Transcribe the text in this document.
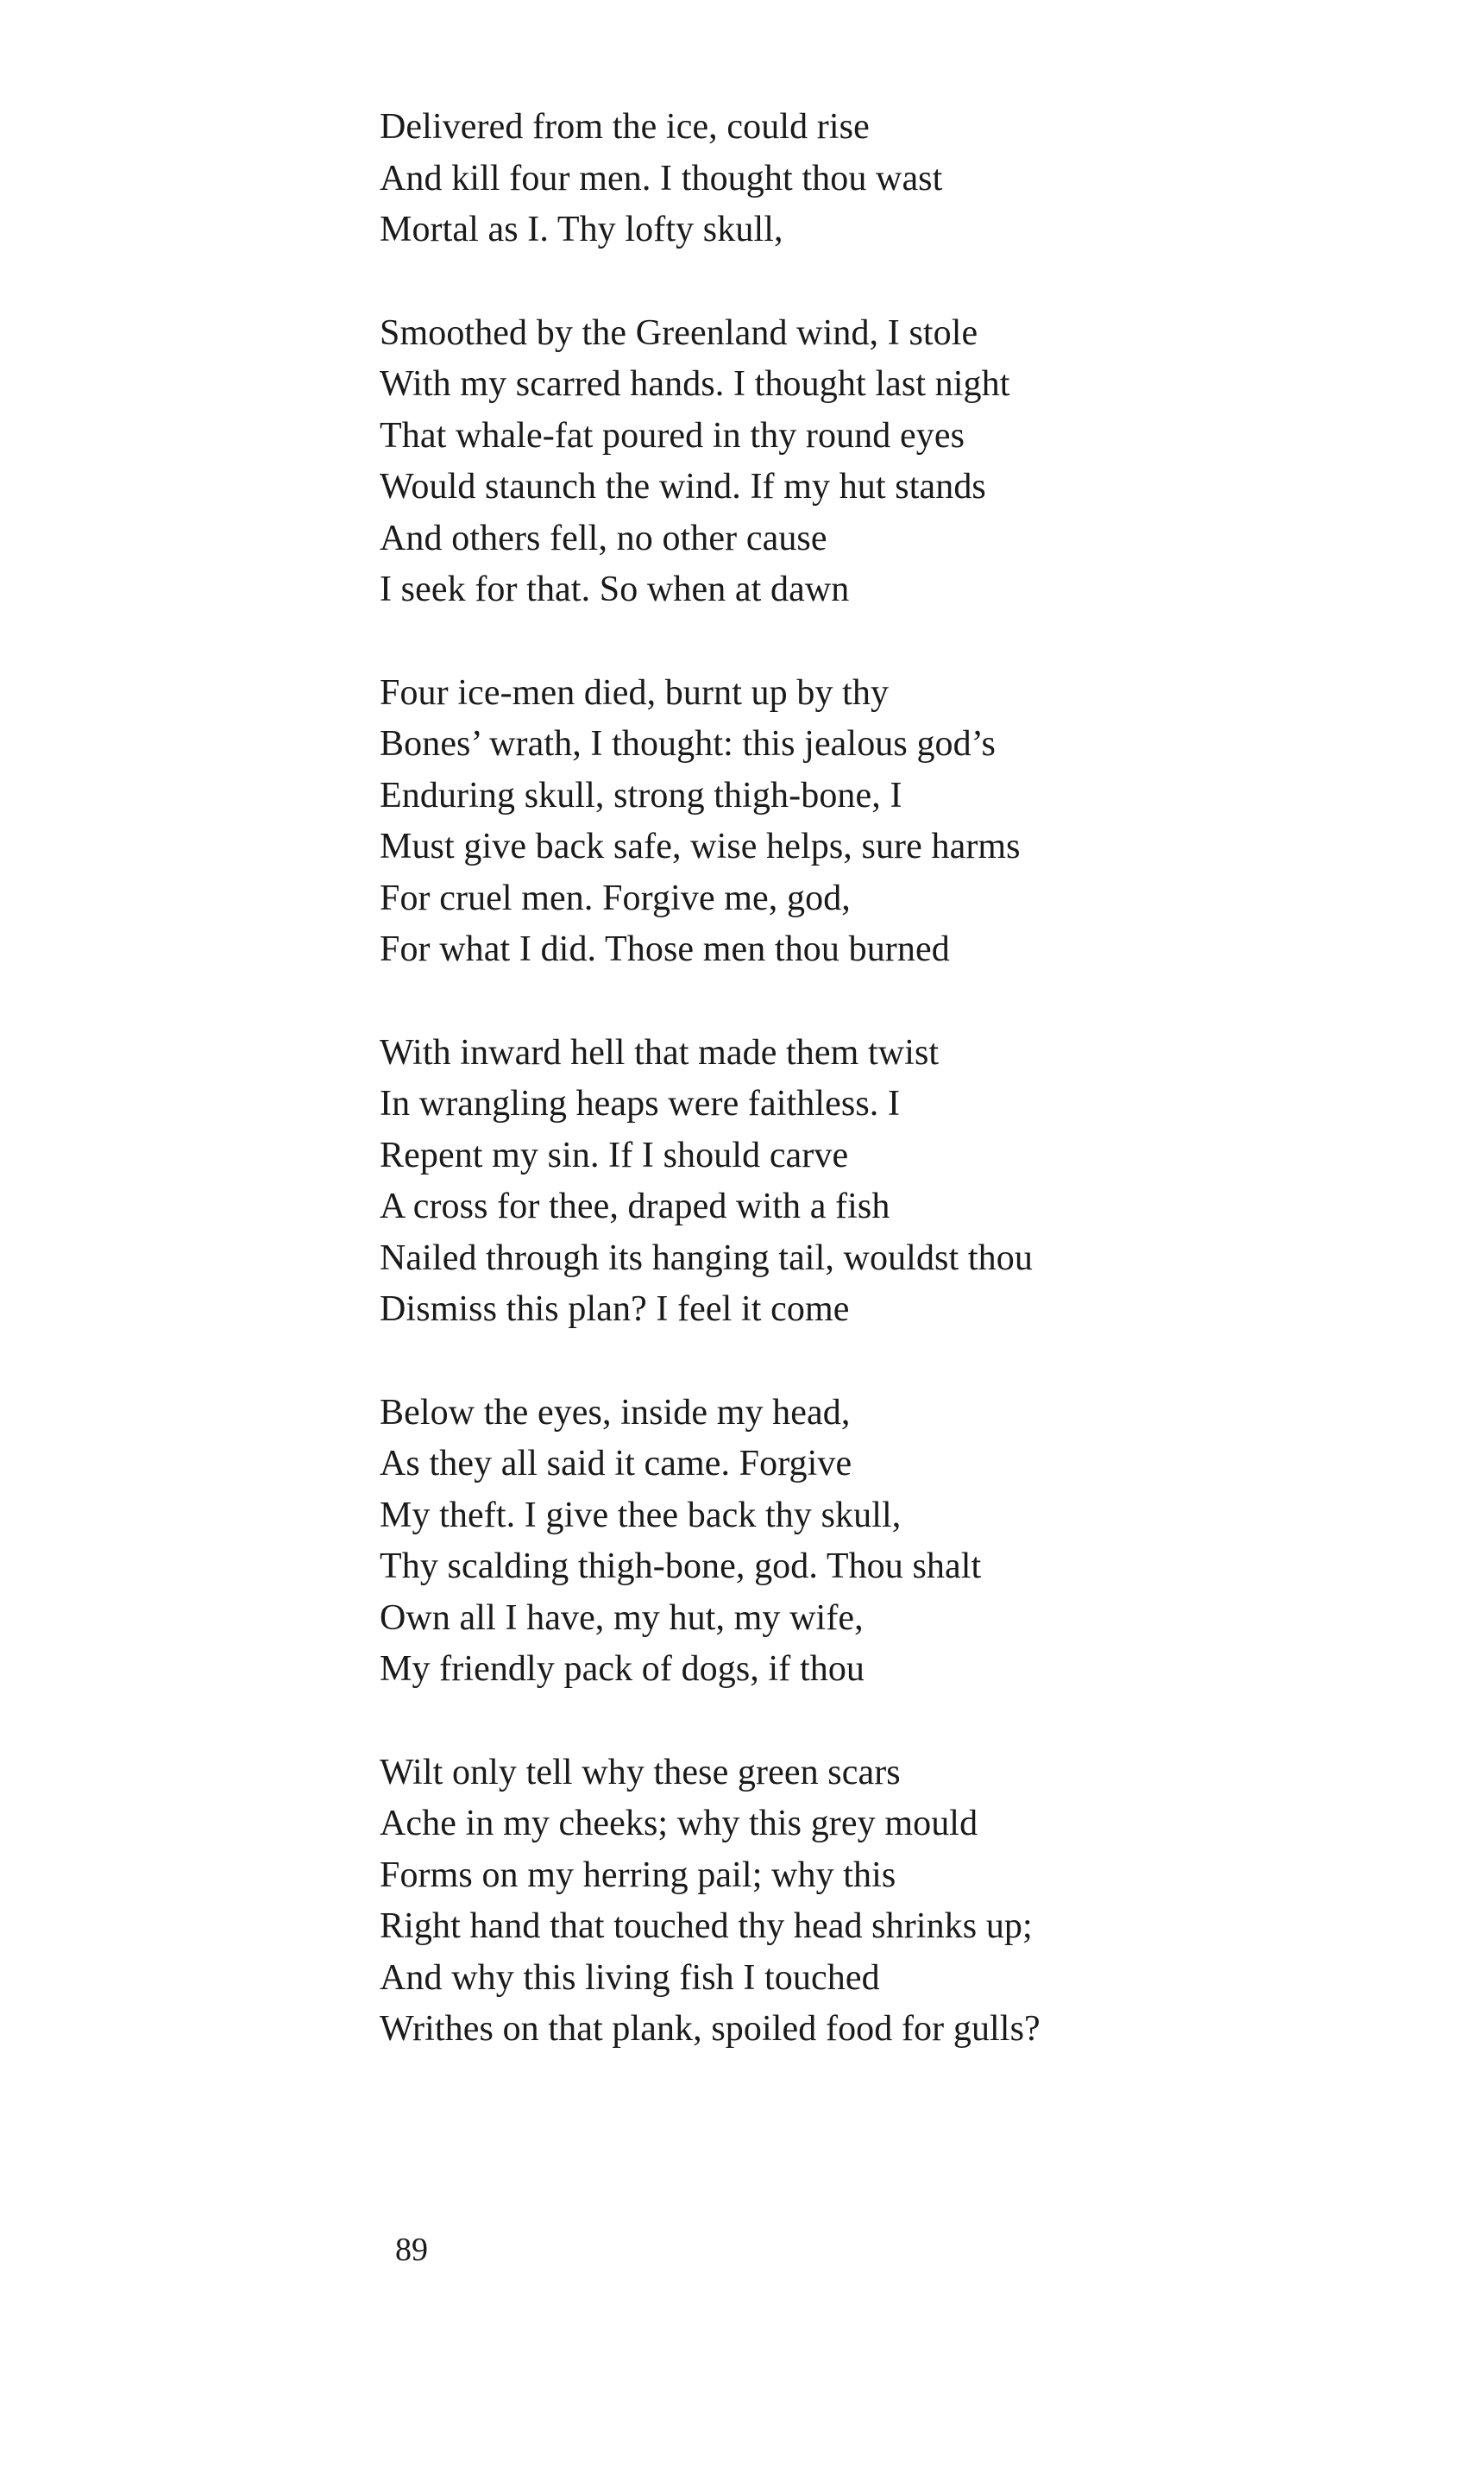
Delivered from the ice, could rise
And kill four men. I thought thou wast
Mortal as I. Thy lofty skull,
Smoothed by the Greenland wind, I stole
With my scarred hands. I thought last night
That whale-fat poured in thy round eyes
Would staunch the wind. If my hut stands
And others fell, no other cause
I seek for that. So when at dawn
Four ice-men died, burnt up by thy
Bones’ wrath, I thought: this jealous god’s
Enduring skull, strong thigh-bone, I
Must give back safe, wise helps, sure harms
For cruel men. Forgive me, god,
For what I did. Those men thou burned
With inward hell that made them twist
In wrangling heaps were faithless. I
Repent my sin. If I should carve
A cross for thee, draped with a fish
Nailed through its hanging tail, wouldst thou
Dismiss this plan? I feel it come
Below the eyes, inside my head,
As they all said it came. Forgive
My theft. I give thee back thy skull,
Thy scalding thigh-bone, god. Thou shalt
Own all I have, my hut, my wife,
My friendly pack of dogs, if thou
Wilt only tell why these green scars
Ache in my cheeks; why this grey mould
Forms on my herring pail; why this
Right hand that touched thy head shrinks up;
And why this living fish I touched
Writhes on that plank, spoiled food for gulls?
89
